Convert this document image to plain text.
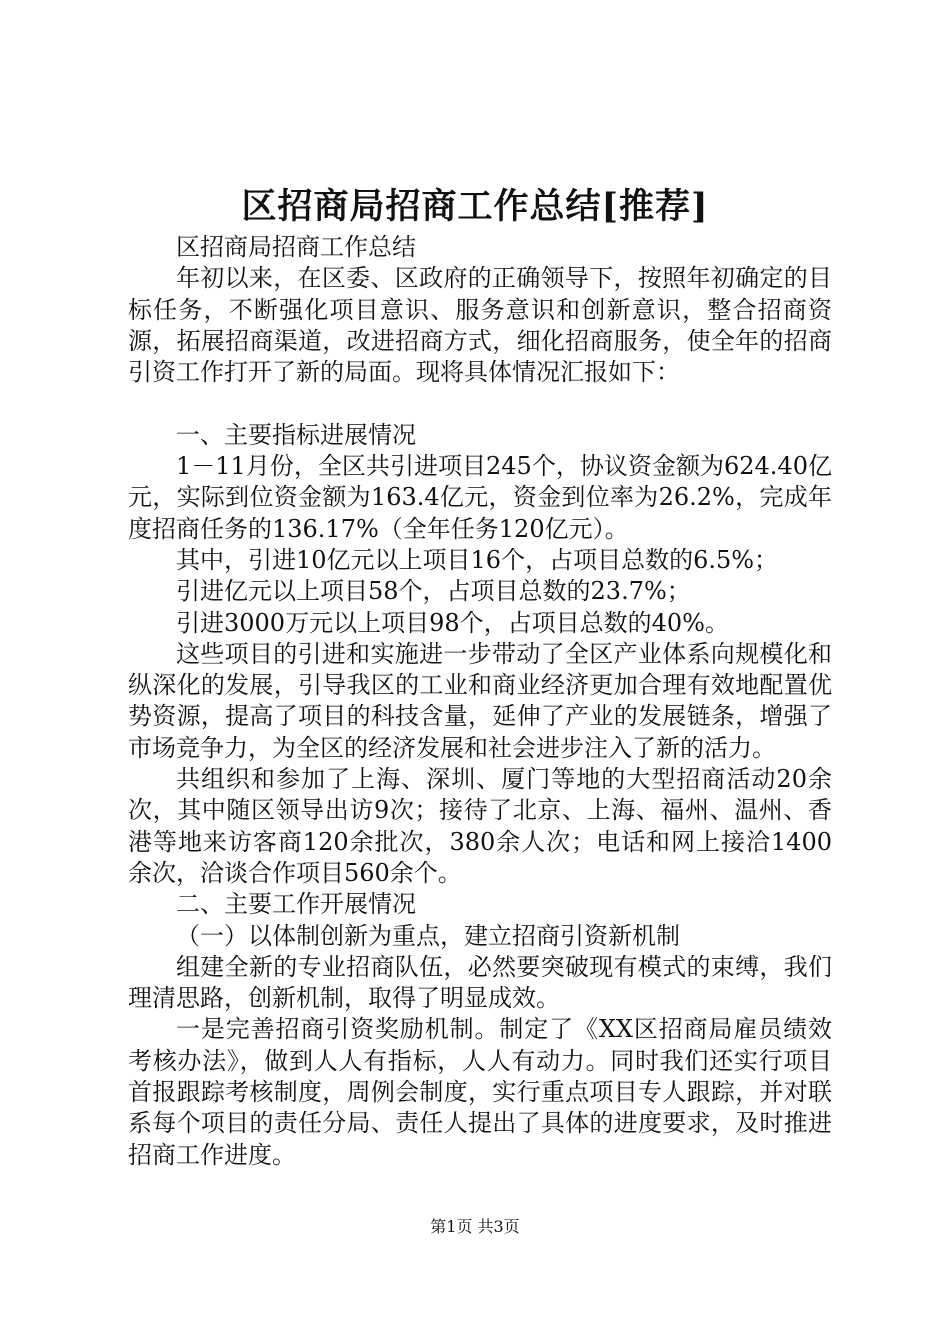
区招商局招商工作总结[推荐]

区招商局招商工作总结

年初以来，在区委、区政府的正确领导下，按照年初确定的目标任务，不断强化项目意识、服务意识和创新意识，整合招商资源，拓展招商渠道，改进招商方式，细化招商服务，使全年的招商引资工作打开了新的局面。现将具体情况汇报如下：

一、主要指标进展情况

1－11月份，全区共引进项目245个，协议资金额为624.40亿元，实际到位资金额为163.4亿元，资金到位率为26.2%，完成年度招商任务的136.17%（全年任务120亿元）。

其中，引进10亿元以上项目16个，占项目总数的6.5%；

引进亿元以上项目58个，占项目总数的23.7%；

引进3000万元以上项目98个，占项目总数的40%。

这些项目的引进和实施进一步带动了全区产业体系向规模化和纵深化的发展，引导我区的工业和商业经济更加合理有效地配置优势资源，提高了项目的科技含量，延伸了产业的发展链条，增强了市场竞争力，为全区的经济发展和社会进步注入了新的活力。

共组织和参加了上海、深圳、厦门等地的大型招商活动20余次，其中随区领导出访9次；接待了北京、上海、福州、温州、香港等地来访客商120余批次，380余人次；电话和网上接洽1400余次，洽谈合作项目560余个。

二、主要工作开展情况

（一）以体制创新为重点，建立招商引资新机制

组建全新的专业招商队伍，必然要突破现有模式的束缚，我们理清思路，创新机制，取得了明显成效。

一是完善招商引资奖励机制。制定了《XX区招商局雇员绩效考核办法》，做到人人有指标，人人有动力。同时我们还实行项目首报跟踪考核制度，周例会制度，实行重点项目专人跟踪，并对联系每个项目的责任分局、责任人提出了具体的进度要求，及时推进招商工作进度。

第1页 共3页
